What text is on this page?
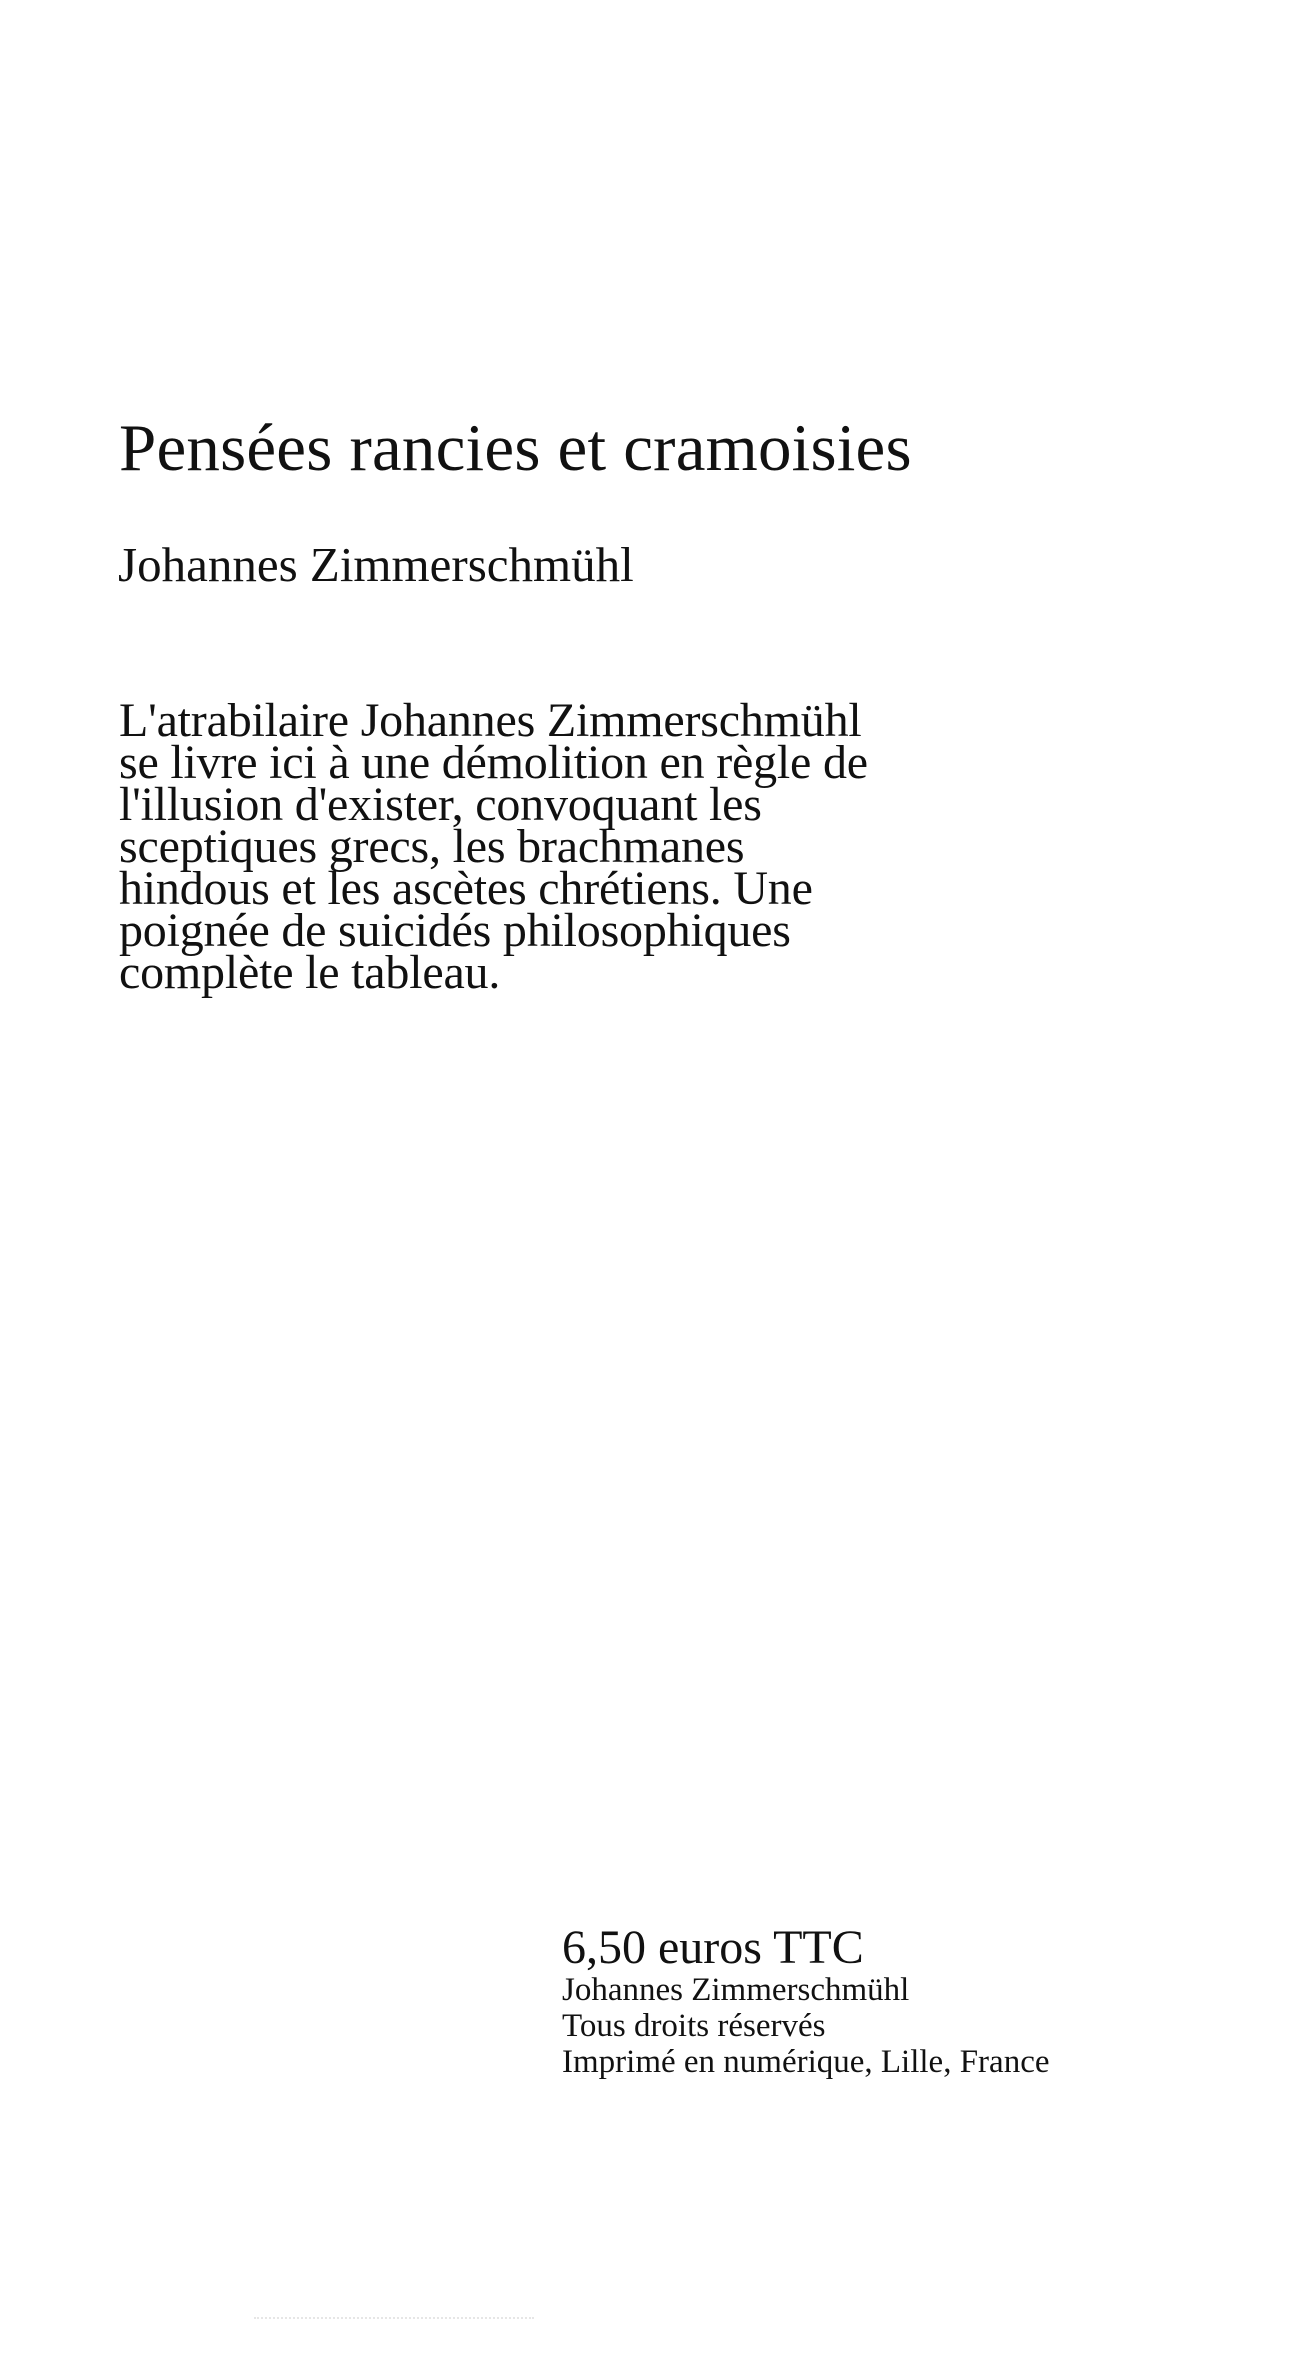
Pensées rancies et cramoisies
Johannes Zimmerschmühl

L'atrabilaire Johannes Zimmerschmühl
se livre ici à une démolition en règle de
l'illusion d'exister, convoquant les
sceptiques grecs, les brachmanes
hindous et les ascètes chrétiens. Une
poignée de suicidés philosophiques
complète le tableau.

6,50 euros TTC

Johannes Zimmerschmühl

Tous droits réservés

Imprimé en numérique, Lille, France
